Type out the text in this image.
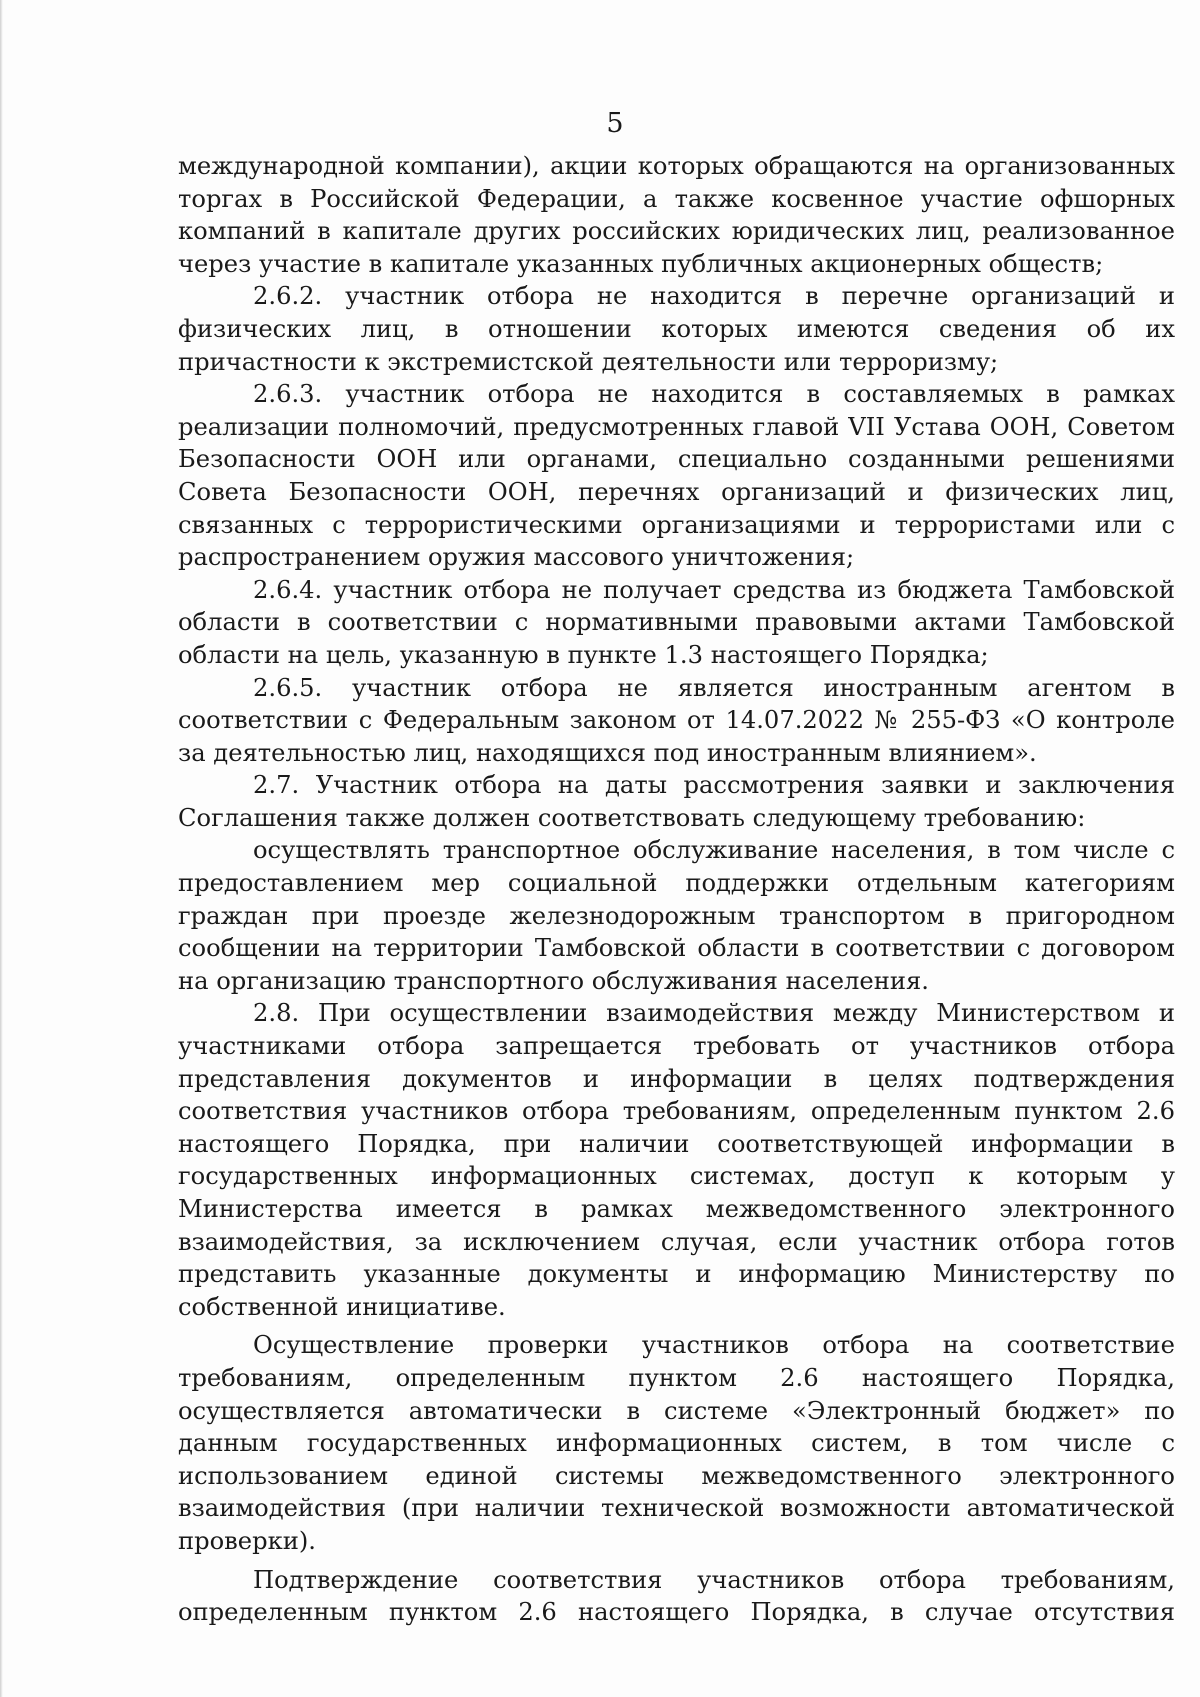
5

международной компании), акции которых обращаются на организованных торгах в Российской Федерации, а также косвенное участие офшорных компаний в капитале других российских юридических лиц, реализованное через участие в капитале указанных публичных акционерных обществ;

2.6.2. участник отбора не находится в перечне организаций и физических лиц, в отношении которых имеются сведения об их причастности к экстремистской деятельности или терроризму;

2.6.3. участник отбора не находится в составляемых в рамках реализации полномочий, предусмотренных главой VII Устава ООН, Советом Безопасности ООН или органами, специально созданными решениями Совета Безопасности ООН, перечнях организаций и физических лиц, связанных с террористическими организациями и террористами или с распространением оружия массового уничтожения;

2.6.4. участник отбора не получает средства из бюджета Тамбовской области в соответствии с нормативными правовыми актами Тамбовской области на цель, указанную в пункте 1.3 настоящего Порядка;

2.6.5. участник отбора не является иностранным агентом в соответствии с Федеральным законом от 14.07.2022 № 255-ФЗ «О контроле за деятельностью лиц, находящихся под иностранным влиянием».

2.7. Участник отбора на даты рассмотрения заявки и заключения Соглашения также должен соответствовать следующему требованию:

осуществлять транспортное обслуживание населения, в том числе с предоставлением мер социальной поддержки отдельным категориям граждан при проезде железнодорожным транспортом в пригородном сообщении на территории Тамбовской области в соответствии с договором на организацию транспортного обслуживания населения.

2.8. При осуществлении взаимодействия между Министерством и участниками отбора запрещается требовать от участников отбора представления документов и информации в целях подтверждения соответствия участников отбора требованиям, определенным пунктом 2.6 настоящего Порядка, при наличии соответствующей информации в государственных информационных системах, доступ к которым у Министерства имеется в рамках межведомственного электронного взаимодействия, за исключением случая, если участник отбора готов представить указанные документы и информацию Министерству по собственной инициативе.

Осуществление проверки участников отбора на соответствие требованиям, определенным пунктом 2.6 настоящего Порядка, осуществляется автоматически в системе «Электронный бюджет» по данным государственных информационных систем, в том числе с использованием единой системы межведомственного электронного взаимодействия (при наличии технической возможности автоматической проверки).

Подтверждение соответствия участников отбора требованиям, определенным пунктом 2.6 настоящего Порядка, в случае отсутствия
